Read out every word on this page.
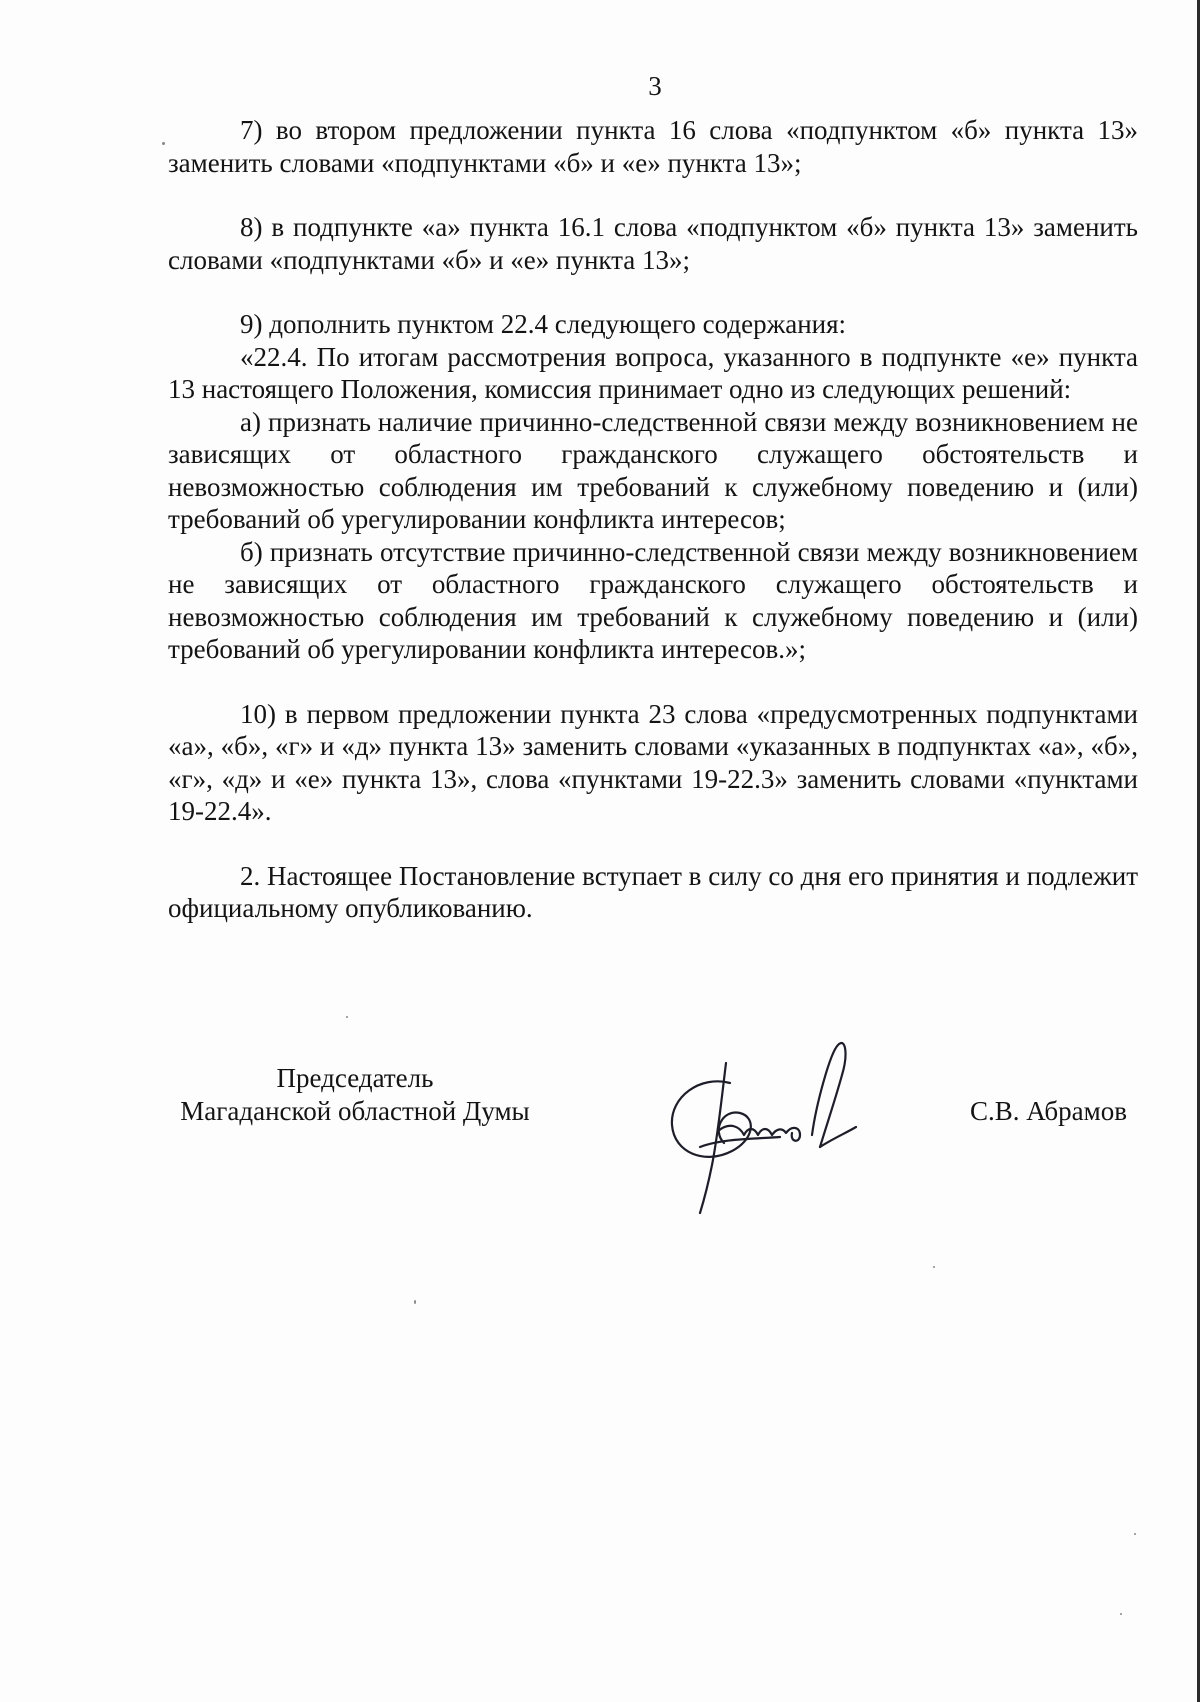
3

7) во втором предложении пункта 16 слова «подпунктом «б» пункта 13» заменить словами «подпунктами «б» и «е» пункта 13»;

8) в подпункте «а» пункта 16.1 слова «подпунктом «б» пункта 13» заменить словами «подпунктами «б» и «е» пункта 13»;

9) дополнить пунктом 22.4 следующего содержания:

«22.4. По итогам рассмотрения вопроса, указанного в подпункте «е» пункта 13 настоящего Положения, комиссия принимает одно из следующих решений:

а) признать наличие причинно-следственной связи между возникновением не зависящих от областного гражданского служащего обстоятельств и невозможностью соблюдения им требований к служебному поведению и (или) требований об урегулировании конфликта интересов;

б) признать отсутствие причинно-следственной связи между возникновением не зависящих от областного гражданского служащего обстоятельств и невозможностью соблюдения им требований к служебному поведению и (или) требований об урегулировании конфликта интересов.»;

10) в первом предложении пункта 23 слова «предусмотренных подпунктами «а», «б», «г» и «д» пункта 13» заменить словами «указанных в подпунктах «а», «б», «г», «д» и «е» пункта 13», слова «пунктами 19-22.3» заменить словами «пунктами 19-22.4».

2. Настоящее Постановление вступает в силу со дня его принятия и подлежит официальному опубликованию.

Председатель
Магаданской областной Думы	С.В. Абрамов
